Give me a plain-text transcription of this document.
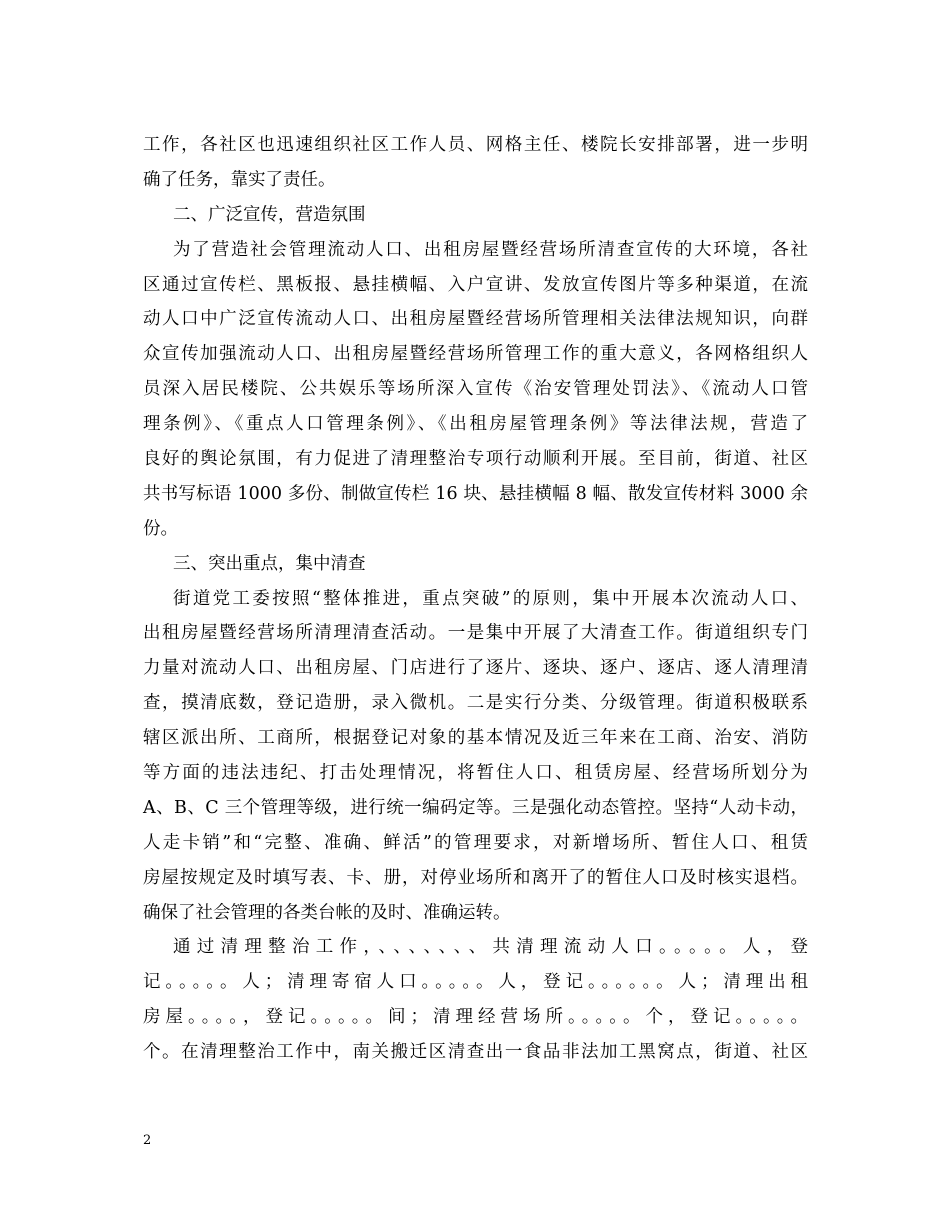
工作，各社区也迅速组织社区工作人员、网格主任、楼院长安排部署，进一步明
确了任务，靠实了责任。
二、广泛宣传，营造氛围
为了营造社会管理流动人口、出租房屋暨经营场所清查宣传的大环境，各社
区通过宣传栏、黑板报、悬挂横幅、入户宣讲、发放宣传图片等多种渠道，在流
动人口中广泛宣传流动人口、出租房屋暨经营场所管理相关法律法规知识，向群
众宣传加强流动人口、出租房屋暨经营场所管理工作的重大意义，各网格组织人
员深入居民楼院、公共娱乐等场所深入宣传《治安管理处罚法》、《流动人口管
理条例》、《重点人口管理条例》、《出租房屋管理条例》等法律法规，营造了
良好的舆论氛围，有力促进了清理整治专项行动顺利开展。至目前，街道、社区
共书写标语 1000 多份、制做宣传栏 16 块、悬挂横幅 8 幅、散发宣传材料 3000 余
份。
三、突出重点，集中清查
街道党工委按照“整体推进，重点突破”的原则，集中开展本次流动人口、
出租房屋暨经营场所清理清查活动。一是集中开展了大清查工作。街道组织专门
力量对流动人口、出租房屋、门店进行了逐片、逐块、逐户、逐店、逐人清理清
查，摸清底数，登记造册，录入微机。二是实行分类、分级管理。街道积极联系
辖区派出所、工商所，根据登记对象的基本情况及近三年来在工商、治安、消防
等方面的违法违纪、打击处理情况，将暂住人口、租赁房屋、经营场所划分为
A、B、C 三个管理等级，进行统一编码定等。三是强化动态管控。坚持“人动卡动，
人走卡销”和“完整、准确、鲜活”的管理要求，对新增场所、暂住人口、租赁
房屋按规定及时填写表、卡、册，对停业场所和离开了的暂住人口及时核实退档。
确保了社会管理的各类台帐的及时、准确运转。
通过清理整治工作，、、、、、、、共清理流动人口。。。。。人，登
记。。。。。人；清理寄宿人口。。。。。人，登记。。。。。。人；清理出租
房屋。。。。，登记。。。。。间；清理经营场所。。。。。个，登记。。。。。
个。在清理整治工作中，南关搬迁区清查出一食品非法加工黑窝点，街道、社区
2
